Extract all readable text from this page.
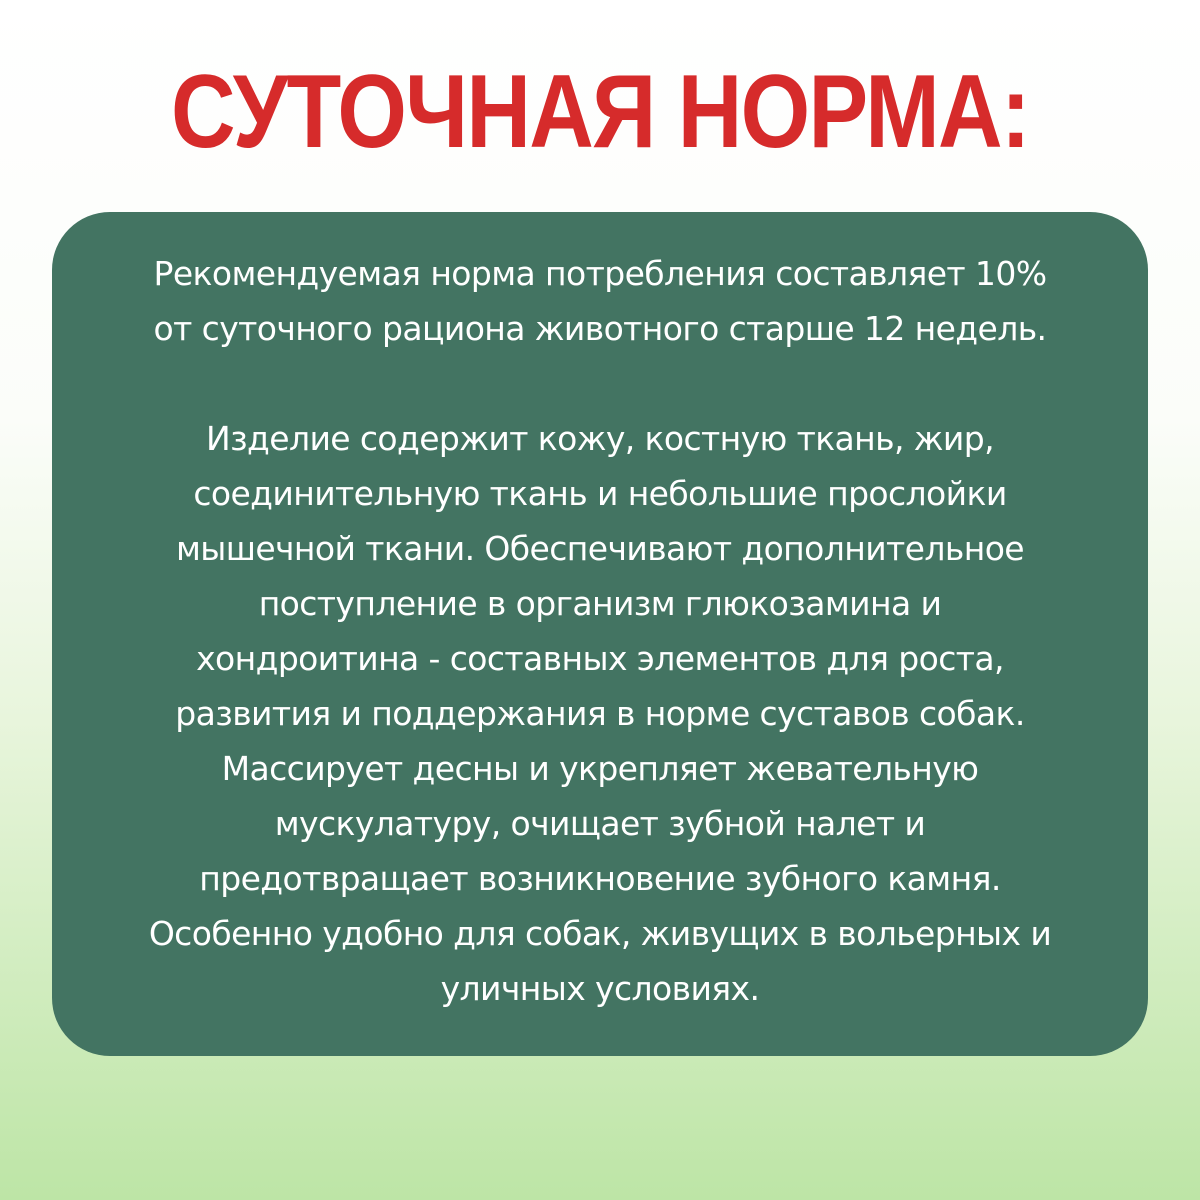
СУТОЧНАЯ НОРМА:

Рекомендуемая норма потребления составляет 10%
от суточного рациона животного старше 12 недель.

Изделие содержит кожу, костную ткань, жир,
соединительную ткань и небольшие прослойки
мышечной ткани. Обеспечивают дополнительное
поступление в организм глюкозамина и
хондроитина - составных элементов для роста,
развития и поддержания в норме суставов собак.
Массирует десны и укрепляет жевательную
мускулатуру, очищает зубной налет и
предотвращает возникновение зубного камня.
Особенно удобно для собак, живущих в вольерных и
уличных условиях.
